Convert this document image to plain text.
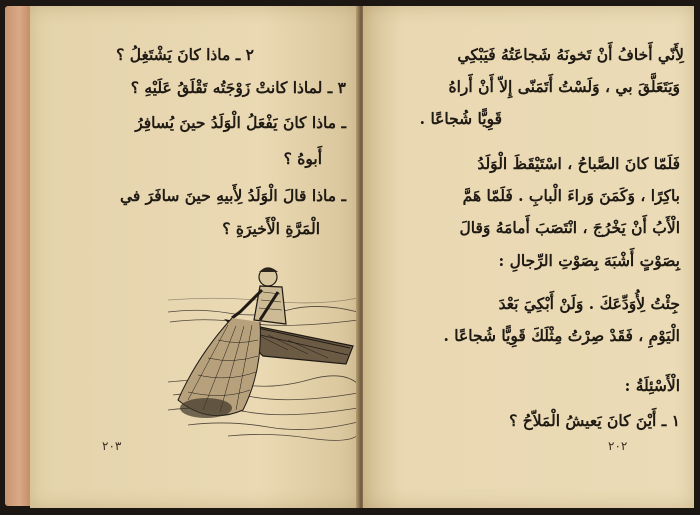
٢ ـ ماذا كانَ يَشْتَغِلُ ؟
٣ ـ لماذا كانتْ زَوْجَتُه تَقْلَقُ عَلَيْهِ ؟
ـ ماذا كانَ يَفْعَلُ الْوَلَدُ حينَ يُسافِرُ
أَبوهُ ؟
ـ ماذا قالَ الْوَلَدُ لِأَبيهِ حينَ سافَرَ في
الْمَرَّةِ الْأَخيرَةِ ؟
٢٠٣
لِأَنّي أَخافُ أَنْ تَخونَهُ شَجاعَتُهُ فَيَبْكِي
وَيَتَعَلَّقَ بي ، وَلَسْتُ أَتَمَنّى إِلاّ أَنْ أَراهُ
قَوِيًّا شُجاعًا .
فَلَمّا كانَ الصَّباحُ ، اسْتَيْقَظَ الْوَلَدُ
باكِرًا ، وَكَمَنَ وَراءَ الْبابِ . فَلَمّا هَمَّ
الْأَبُ أَنْ يَخْرُجَ ، انْتَصَبَ أَمامَهُ وَقالَ
بِصَوْتٍ أَشْبَهَ بِصَوْتِ الرِّجالِ :
جِئْتُ لِأُوَدِّعَكَ . وَلَنْ أَبْكِيَ بَعْدَ
الْيَوْمِ ، فَقَدْ صِرْتُ مِثْلَكَ قَوِيًّا شُجاعًا .
الْأَسْئِلَةُ :
١ ـ أَيْنَ كانَ يَعيشُ الْمَلاّحُ ؟
٢٠٢
